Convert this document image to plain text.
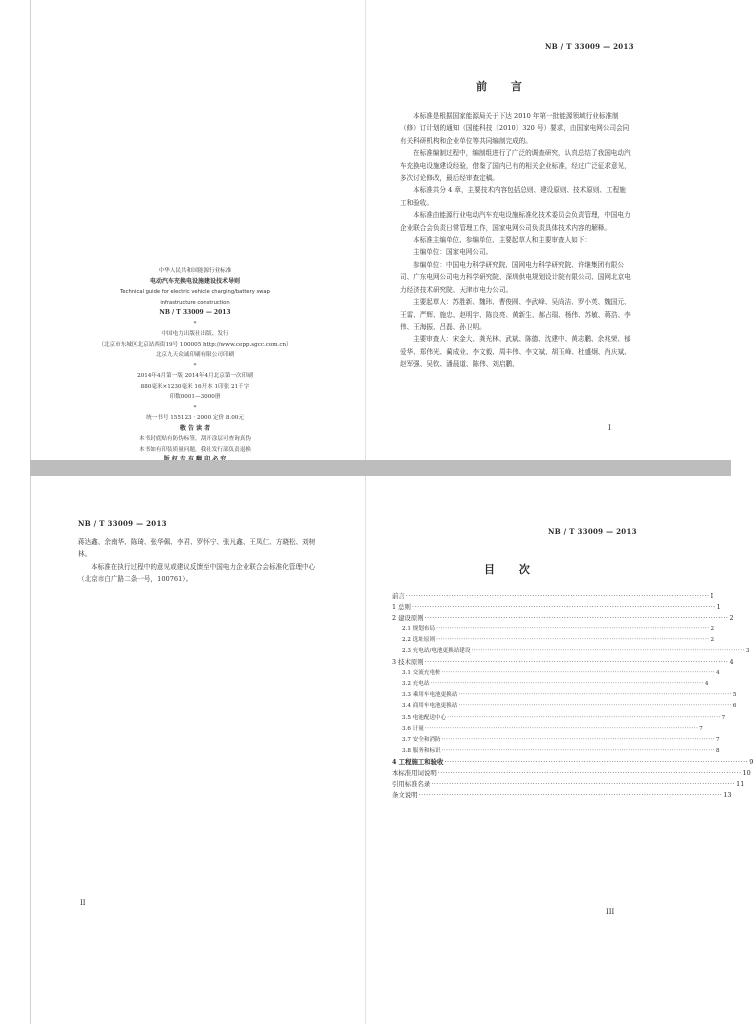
中华人民共和国能源行业标准
电动汽车充换电设施建设技术导则
Technical guide for electric vehicle charging/battery swap
infrastructure construction
NB / T 33009 — 2013
*
中国电力出版社出版、发行
（北京市东城区北京站西街19号 100005 http://www.cepp.sgcc.com.cn）
北京九天众诚印刷有限公司印刷
*
2014年4月第一版 2014年4月北京第一次印刷
880毫米×1230毫米 16开本 1印张 21千字
印数0001—3000册
*
统一书号 155123 · 2000 定价 8.00元
敬 告 读 者
本书封底贴有防伪标签，刮开涂层可查询真伪
本书如有印装质量问题，我社发行部负责退换
NB / T 33009 — 2013
前 言

本标准是根据国家能源局关于下达 2010 年第一批能源领域行业标准制（修）订计划的通知（国能科技〔2010〕320 号）要求，由国家电网公司会同有关科研机构和企业单位等共同编制完成的。

在标准编制过程中，编制组进行了广泛的调查研究，认真总结了我国电动汽车充换电设施建设经验，借鉴了国内已有的相关企业标准，经过广泛征求意见，多次讨论修改，最后经审查定稿。

本标准共分 4 章，主要技术内容包括总则、建设原则、技术原则、工程施工和验收。

本标准由能源行业电动汽车充电设施标准化技术委员会负责管理，中国电力企业联合会负责日常管理工作，国家电网公司负责具体技术内容的解释。

本标准主编单位、参编单位、主要起草人和主要审查人如下：

主编单位：国家电网公司。

参编单位：中国电力科学研究院、国网电力科学研究院、许继集团有限公司、广东电网公司电力科学研究院、深圳供电规划设计院有限公司、国网北京电力经济技术研究院、天津市电力公司。

主要起草人：苏胜新、魏玮、曹俊圆、李武峰、吴尚洁、罗小英、魏国元、王雷、严辉、施忠、赵明宇、陈良亮、黄新生、郝占瑞、杨伟、苏敏、蒋浩、李伟、王海振、吕磊、孙卫明。

主要审查人：宋金大、龚光林、武斌、陈德、沈建中、黄志鹏、余兆荣、郁爱华、郑伟光、蔺成业、李文毅、周丰伟、李文斌、胡玉峰、杜盛炯、肖庆斌、赵军强、吴钦、潘晨道、陈伟、刘启鹏、

I
NB / T 33009 — 2013

蒋达鑫、余南华、陈琦、张华佩、李君、罗怀宁、张凡鑫、王凤仁、方晓松、刘树林。

本标准在执行过程中的意见或建议反馈至中国电力企业联合会标准化管理中心（北京市白广路二条一号，100761）。

II
NB / T 33009 — 2013
目 次
III
前言 ························································································································ I
1 总则 ························································································································ 1
2 建设原则 ························································································································ 2
2.1 规划布局 ························································································································ 2
2.2 选址原则 ························································································································ 2
2.3 充电站/电池更换站建设 ························································································································ 3
3 技术原则 ························································································································ 4
3.1 交流充电桩 ························································································································ 4
3.2 充电站 ························································································································ 4
3.3 乘用车电池更换站 ························································································································ 5
3.4 商用车电池更换站 ························································································································ 6
3.5 电池配送中心 ························································································································ 7
3.6 计量 ························································································································ 7
3.7 安全和消防 ························································································································ 7
3.8 服务和标识 ························································································································ 8
4 工程施工和验收 ························································································································ 9
本标准用词说明 ························································································································ 10
引用标准名录 ························································································································ 11
条文说明 ························································································································ 13
